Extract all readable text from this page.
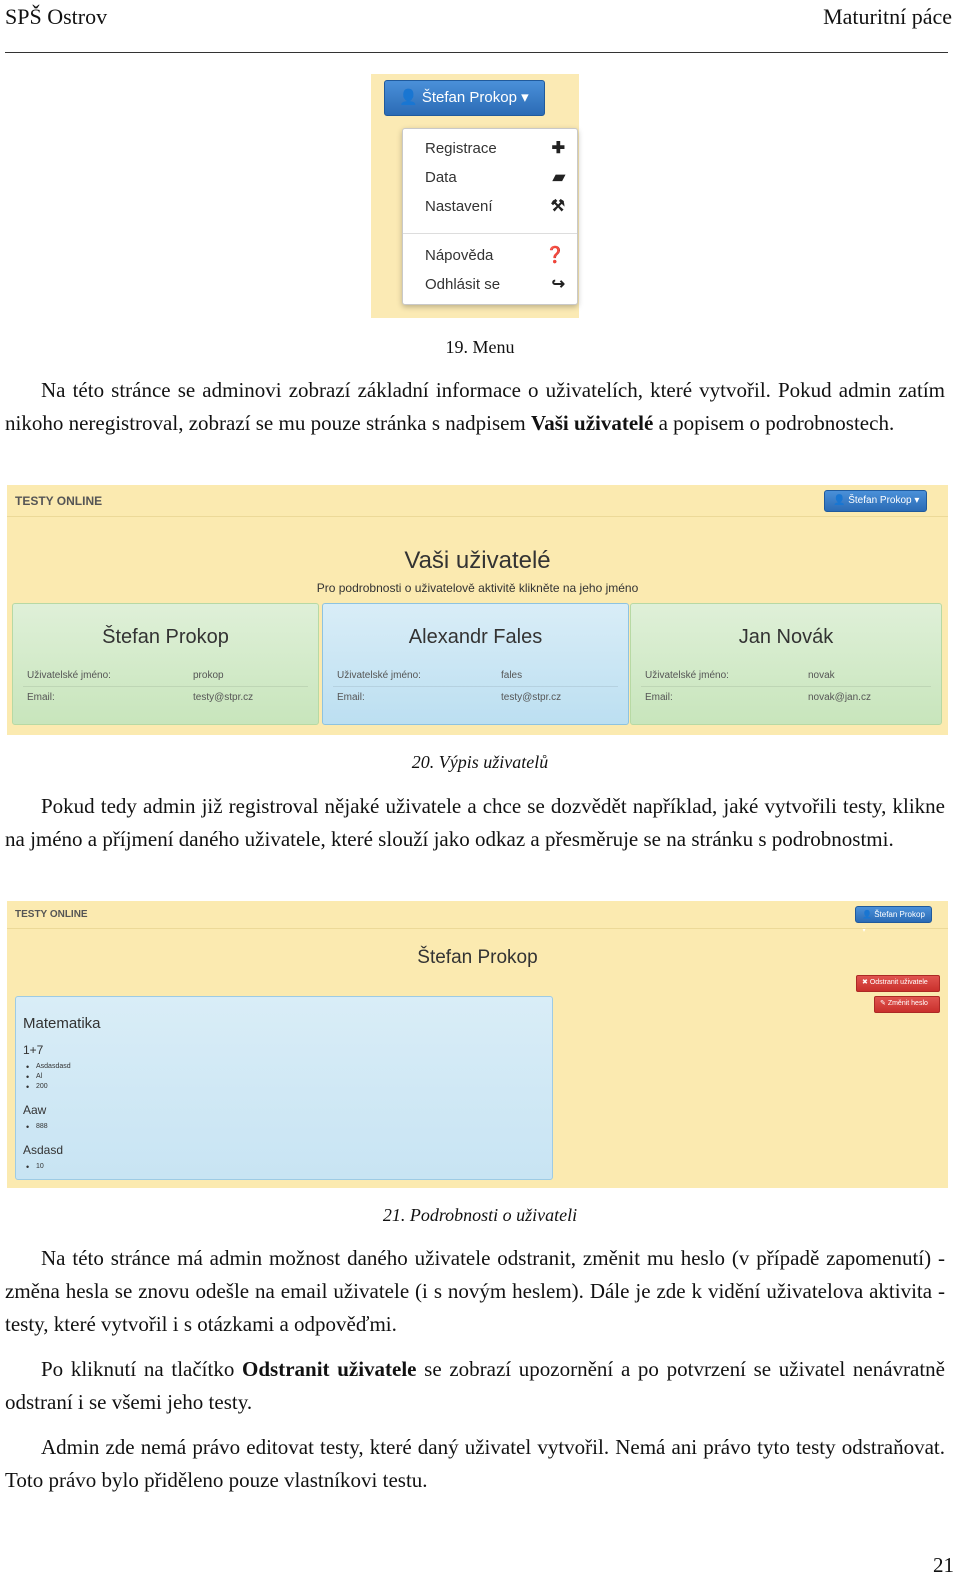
SPŠ Ostrov	Maturitní páce
👤 Štefan Prokop ▾
Registrace	✚
Data	▰
Nastavení	⚒
Nápověda	❓
Odhlásit se	↪
19. Menu
Na této stránce se adminovi zobrazí základní informace o uživatelích, které vytvořil. Pokud admin zatím nikoho neregistroval, zobrazí se mu pouze stránka s nadpisem Vaši uživatelé a popisem o podrobnostech.
TESTY ONLINE	👤 Štefan Prokop ▾
Vaši uživatelé
Pro podrobnosti o uživatelově aktivitě klikněte na jeho jméno
Štefan Prokop
Uživatelské jméno:	prokop
Email:	testy@stpr.cz
Alexandr Fales
Uživatelské jméno:	fales
Email:	testy@stpr.cz
Jan Novák
Uživatelské jméno:	novak
Email:	novak@jan.cz
20. Výpis uživatelů
Pokud tedy admin již registroval nějaké uživatele a chce se dozvědět například, jaké vytvořili testy, klikne na jméno a příjmení daného uživatele, které slouží jako odkaz a přesměruje se na stránku s podrobnostmi.
TESTY ONLINE	👤 Štefan Prokop ▾
Štefan Prokop
✖ Odstranit uživatele
✎ Změnit heslo
Matematika
1+7
• Asdasdasd
• Al
• 200
Aaw
• 888
Asdasd
• 10
21. Podrobnosti o uživateli
Na této stránce má admin možnost daného uživatele odstranit, změnit mu heslo (v případě zapomenutí) - změna hesla se znovu odešle na email uživatele (i s novým heslem). Dále je zde k vidění uživatelova aktivita - testy, které vytvořil i s otázkami a odpověďmi.
Po kliknutí na tlačítko Odstranit uživatele se zobrazí upozornění a po potvrzení se uživatel nenávratně odstraní i se všemi jeho testy.
Admin zde nemá právo editovat testy, které daný uživatel vytvořil. Nemá ani právo tyto testy odstraňovat. Toto právo bylo přiděleno pouze vlastníkovi testu.
21
